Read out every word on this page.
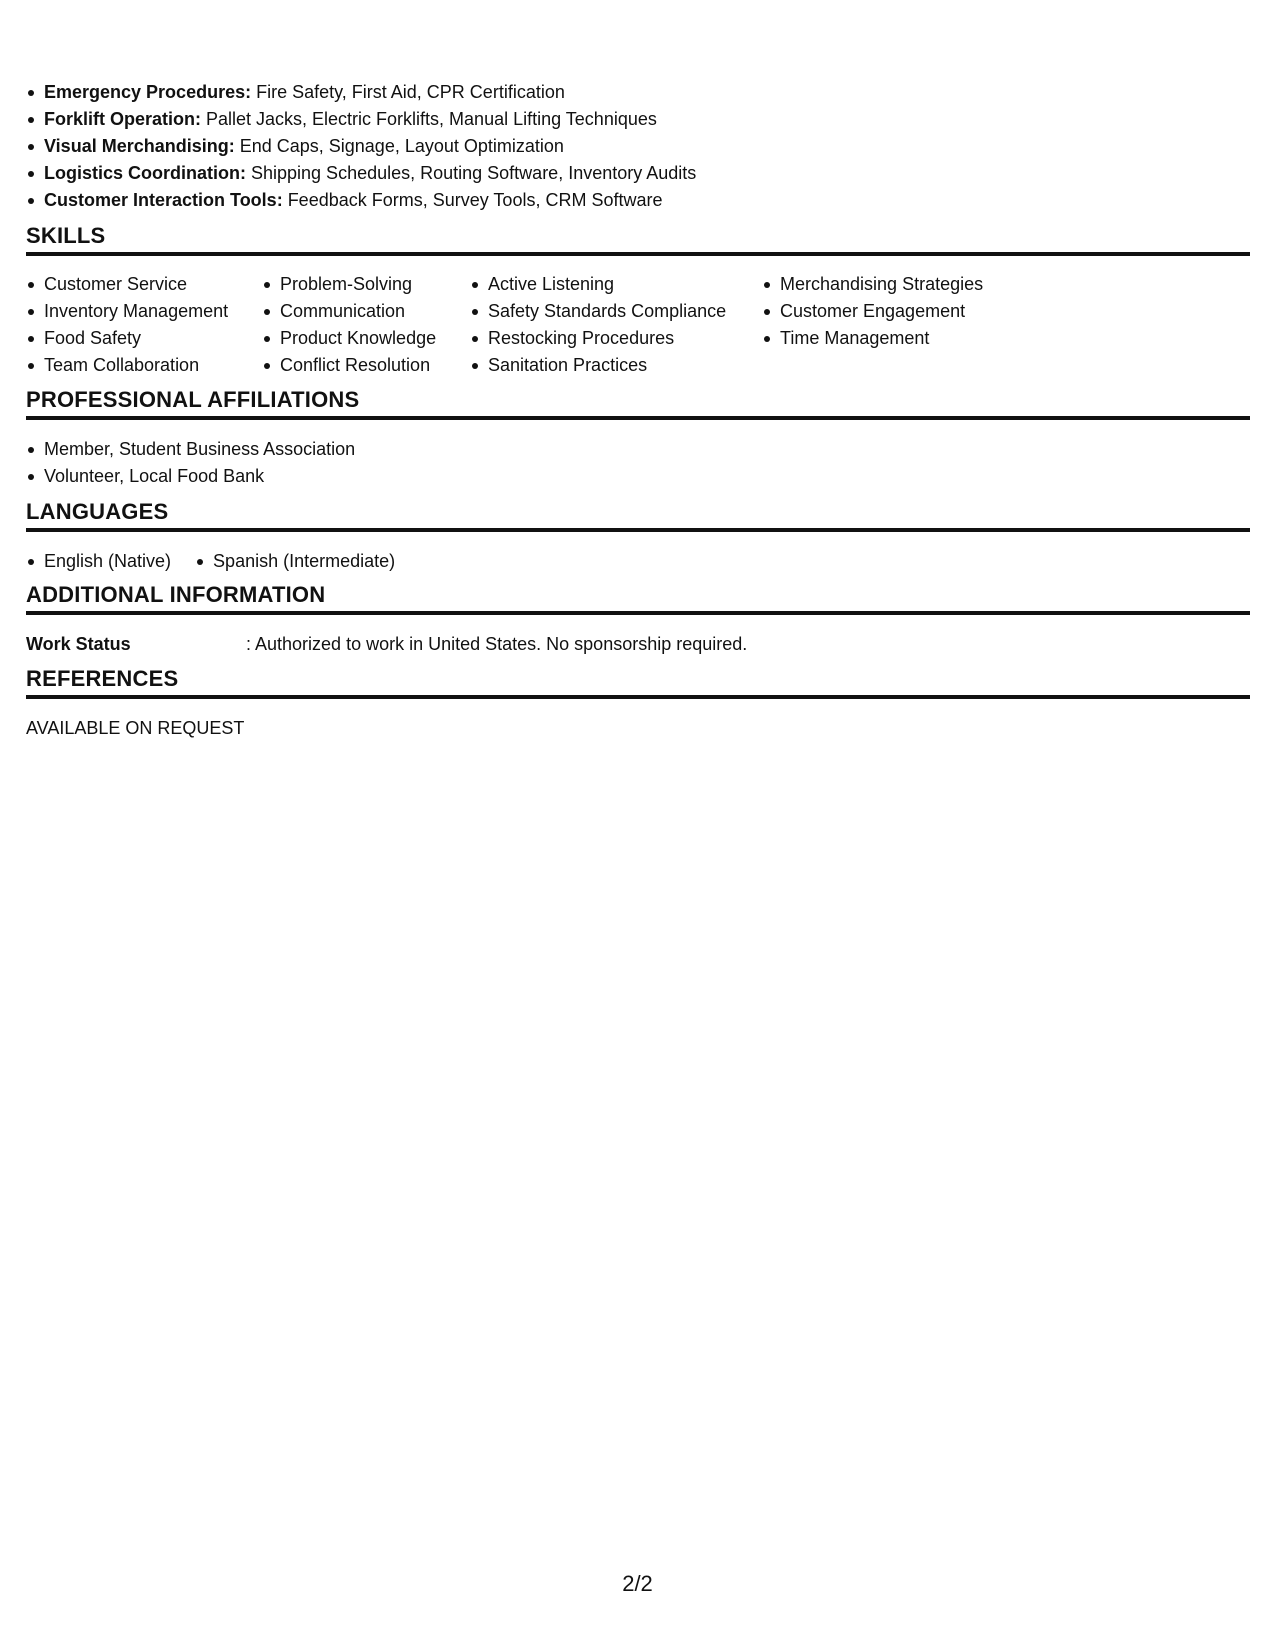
Emergency Procedures: Fire Safety, First Aid, CPR Certification
Forklift Operation: Pallet Jacks, Electric Forklifts, Manual Lifting Techniques
Visual Merchandising: End Caps, Signage, Layout Optimization
Logistics Coordination: Shipping Schedules, Routing Software, Inventory Audits
Customer Interaction Tools: Feedback Forms, Survey Tools, CRM Software
SKILLS
Customer Service
Inventory Management
Food Safety
Team Collaboration
Problem-Solving
Communication
Product Knowledge
Conflict Resolution
Active Listening
Safety Standards Compliance
Restocking Procedures
Sanitation Practices
Merchandising Strategies
Customer Engagement
Time Management
PROFESSIONAL AFFILIATIONS
Member, Student Business Association
Volunteer, Local Food Bank
LANGUAGES
English (Native)	Spanish (Intermediate)
ADDITIONAL INFORMATION
Work Status	: Authorized to work in United States. No sponsorship required.
REFERENCES
AVAILABLE ON REQUEST
2/2
